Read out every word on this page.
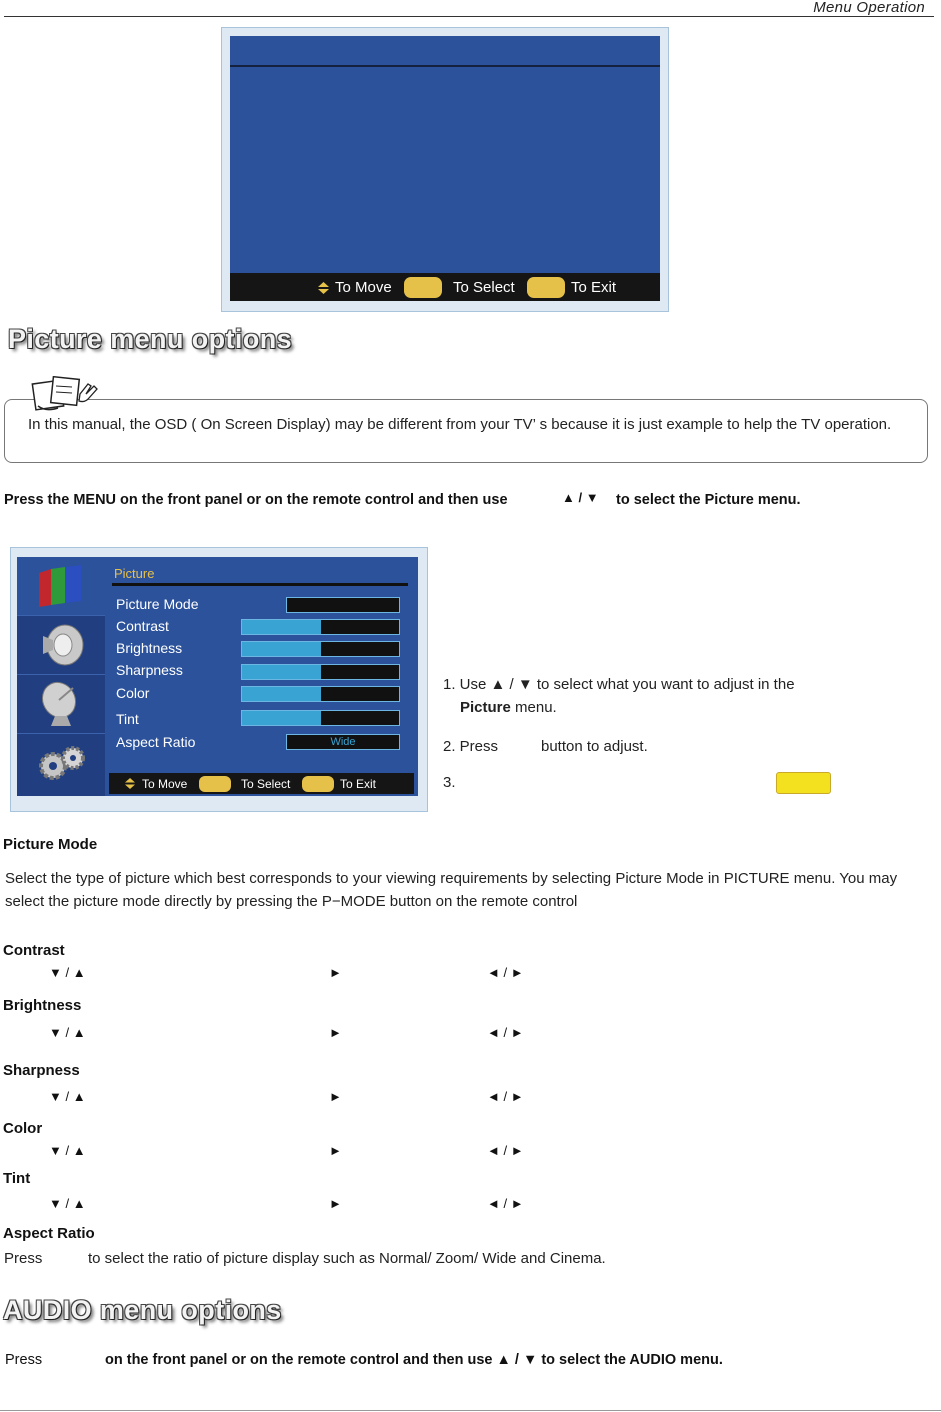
Menu Operation
To Move	To Select	To Exit
Picture menu options
In this manual, the OSD ( On Screen Display) may be different from your TV’ s because it is just example to help the TV operation.
Press the MENU on the front panel or on the remote control and then use	▲ / ▼ to select the Picture menu.
Picture
Picture Mode
Contrast
Brightness
Sharpness
Color
Tint
Aspect Ratio	Wide
To Move	To Select	To Exit
1. Use ▲ / ▼ to select what you want to adjust in the
Picture menu.
2. Press	button to adjust.
3.
Picture Mode
Select the type of picture which best corresponds to your viewing requirements by selecting Picture Mode in PICTURE menu. You may select the picture mode directly by pressing the P−MODE button on the remote control
Contrast
▼ / ▲	►	◄ / ►
Brightness
▼ / ▲	►	◄ / ►
Sharpness
▼ / ▲	►	◄ / ►
Color
▼ / ▲	►	◄ / ►
Tint
▼ / ▲	►	◄ / ►
Aspect Ratio
Press	to select the ratio of picture display such as Normal/ Zoom/ Wide and Cinema.
AUDIO menu options
Press	on the front panel or on the remote control and then use ▲ / ▼ to select the AUDIO menu.
